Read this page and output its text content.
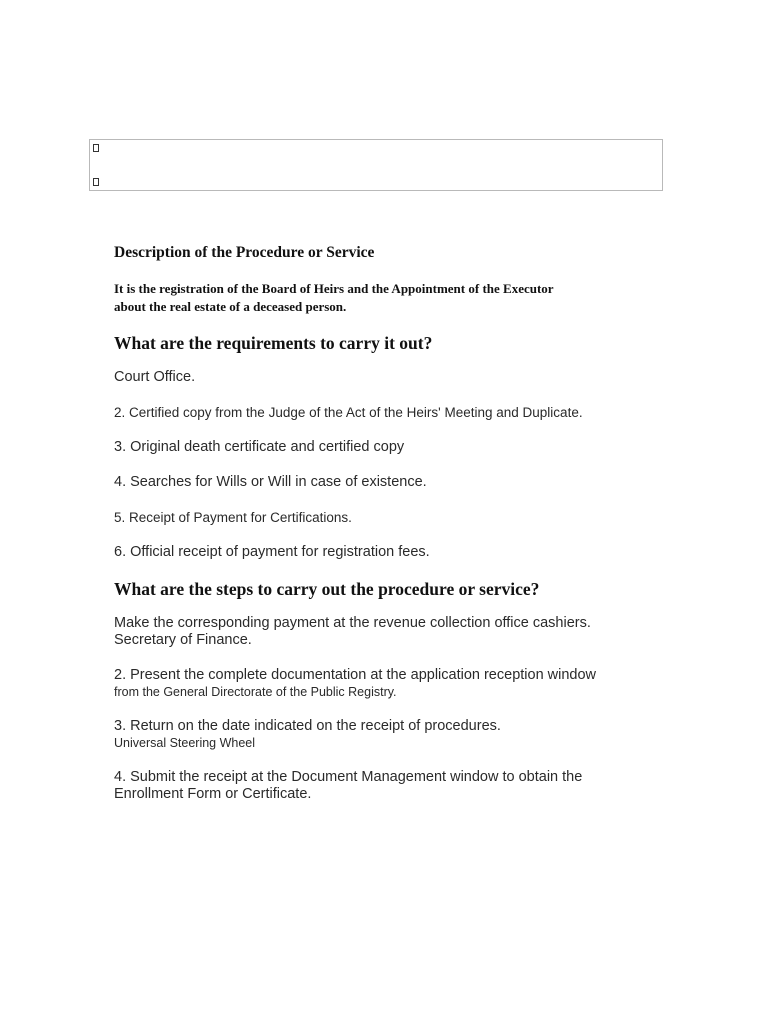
Description of the Procedure or Service
It is the registration of the Board of Heirs and the Appointment of the Executor
about the real estate of a deceased person.
What are the requirements to carry it out?
Court Office.
2. Certified copy from the Judge of the Act of the Heirs' Meeting and Duplicate.
3. Original death certificate and certified copy
4. Searches for Wills or Will in case of existence.
5. Receipt of Payment for Certifications.
6. Official receipt of payment for registration fees.
What are the steps to carry out the procedure or service?
Make the corresponding payment at the revenue collection office cashiers.
Secretary of Finance.
2. Present the complete documentation at the application reception window
from the General Directorate of the Public Registry.
3. Return on the date indicated on the receipt of procedures.
Universal Steering Wheel
4. Submit the receipt at the Document Management window to obtain the
Enrollment Form or Certificate.
